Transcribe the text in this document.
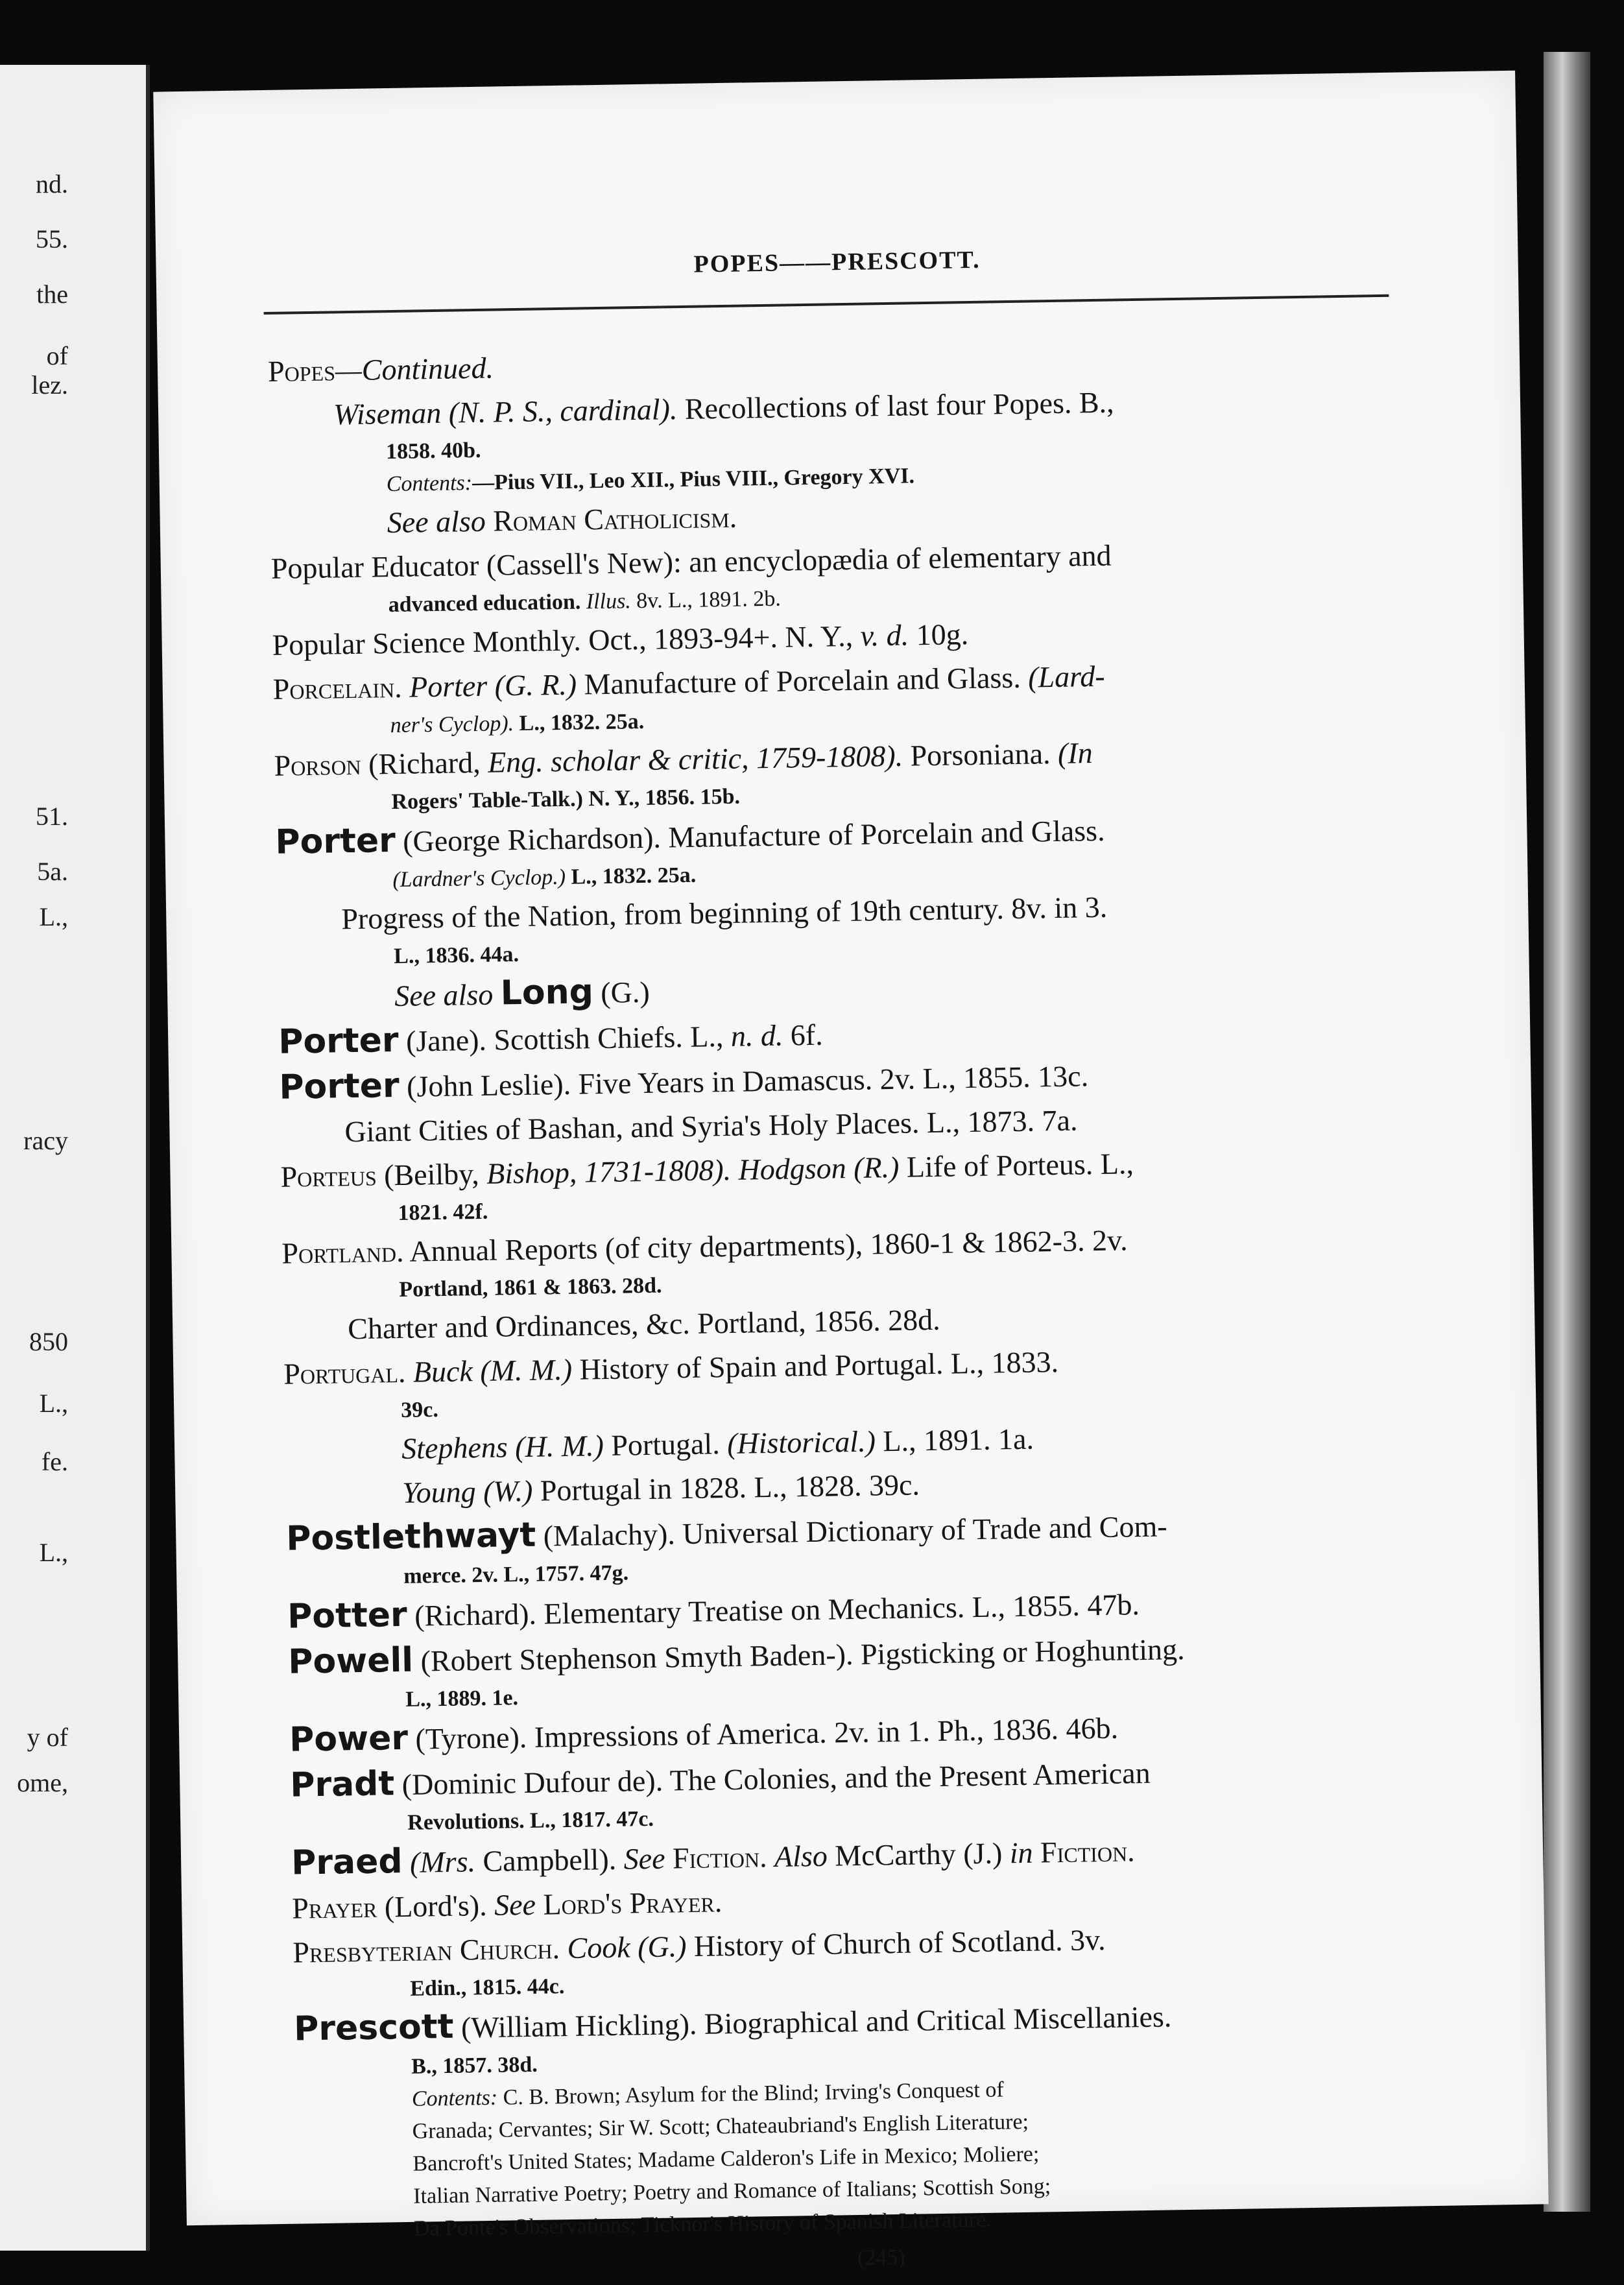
nd.
55.
the
of
lez.
51.
5a.
L.,
racy
850
L.,
fe.
L.,
y of
ome,
POPES——PRESCOTT.
Popes—Continued.
Wiseman (N. P. S., cardinal). Recollections of last four Popes. B.,
1858. 40b.
Contents:—Pius VII., Leo XII., Pius VIII., Gregory XVI.
See also Roman Catholicism.
Popular Educator (Cassell's New): an encyclopædia of elementary and
advanced education. Illus. 8v. L., 1891. 2b.
Popular Science Monthly. Oct., 1893-94+. N. Y., v. d. 10g.
Porcelain. Porter (G. R.) Manufacture of Porcelain and Glass. (Lard-
ner's Cyclop). L., 1832. 25a.
Porson (Richard, Eng. scholar & critic, 1759-1808). Porsoniana. (In
Rogers' Table-Talk.) N. Y., 1856. 15b.
Porter (George Richardson). Manufacture of Porcelain and Glass.
(Lardner's Cyclop.) L., 1832. 25a.
Progress of the Nation, from beginning of 19th century. 8v. in 3.
L., 1836. 44a.
See also Long (G.)
Porter (Jane). Scottish Chiefs. L., n. d. 6f.
Porter (John Leslie). Five Years in Damascus. 2v. L., 1855. 13c.
Giant Cities of Bashan, and Syria's Holy Places. L., 1873. 7a.
Porteus (Beilby, Bishop, 1731-1808). Hodgson (R.) Life of Porteus. L.,
1821. 42f.
Portland. Annual Reports (of city departments), 1860-1 & 1862-3. 2v.
Portland, 1861 & 1863. 28d.
Charter and Ordinances, &c. Portland, 1856. 28d.
Portugal. Buck (M. M.) History of Spain and Portugal. L., 1833.
39c.
Stephens (H. M.) Portugal. (Historical.) L., 1891. 1a.
Young (W.) Portugal in 1828. L., 1828. 39c.
Postlethwayt (Malachy). Universal Dictionary of Trade and Com-
merce. 2v. L., 1757. 47g.
Potter (Richard). Elementary Treatise on Mechanics. L., 1855. 47b.
Powell (Robert Stephenson Smyth Baden-). Pigsticking or Hoghunting.
L., 1889. 1e.
Power (Tyrone). Impressions of America. 2v. in 1. Ph., 1836. 46b.
Pradt (Dominic Dufour de). The Colonies, and the Present American
Revolutions. L., 1817. 47c.
Praed (Mrs. Campbell). See Fiction. Also McCarthy (J.) in Fiction.
Prayer (Lord's). See Lord's Prayer.
Presbyterian Church. Cook (G.) History of Church of Scotland. 3v.
Edin., 1815. 44c.
Prescott (William Hickling). Biographical and Critical Miscellanies.
B., 1857. 38d.
Contents: C. B. Brown; Asylum for the Blind; Irving's Conquest of
Granada; Cervantes; Sir W. Scott; Chateaubriand's English Literature;
Bancroft's United States; Madame Calderon's Life in Mexico; Moliere;
Italian Narrative Poetry; Poetry and Romance of Italians; Scottish Song;
Da Ponte's Observations; Ticknor's History of Spanish Literature.
(245)
